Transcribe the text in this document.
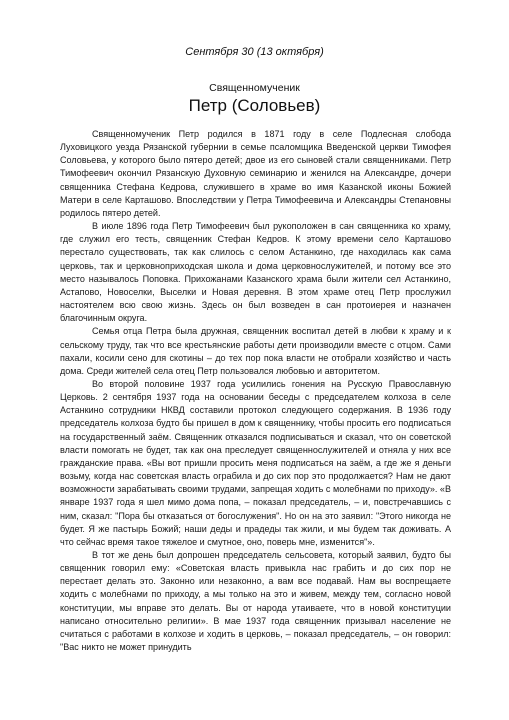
Сентября 30 (13 октября)
Священномученик
Петр (Соловьев)

Священномученик Петр родился в 1871 году в селе Подлесная слобода Луховицкого уезда Рязанской губернии в семье псаломщика Введенской церкви Тимофея Соловьева, у которого было пятеро детей; двое из его сыновей стали священниками. Петр Тимофеевич окончил Рязанскую Духовную семинарию и женился на Александре, дочери священника Стефана Кедрова, служившего в храме во имя Казанской иконы Божией Матери в селе Карташово. Впоследствии у Петра Тимофеевича и Александры Степановны родилось пятеро детей.

В июле 1896 года Петр Тимофеевич был рукоположен в сан священника ко храму, где служил его тесть, священник Стефан Кедров. К этому времени село Карташово перестало существовать, так как слилось с селом Астанкино, где находилась как сама церковь, так и церковноприходская школа и дома церковнослужителей, и потому все это место называлось Поповка. Прихожанами Казанского храма были жители сел Астанкино, Астапово, Новоселки, Выселки и Новая деревня. В этом храме отец Петр прослужил настоятелем всю свою жизнь. Здесь он был возведен в сан протоиерея и назначен благочинным округа.

Семья отца Петра была дружная, священник воспитал детей в любви к храму и к сельскому труду, так что все крестьянские работы дети производили вместе с отцом. Сами пахали, косили сено для скотины – до тех пор пока власти не отобрали хозяйство и часть дома. Среди жителей села отец Петр пользовался любовью и авторитетом.

Во второй половине 1937 года усилились гонения на Русскую Православную Церковь. 2 сентября 1937 года на основании беседы с председателем колхоза в селе Астанкино сотрудники НКВД составили протокол следующего содержания. В 1936 году председатель колхоза будто бы пришел в дом к священнику, чтобы просить его подписаться на государственный заём. Священник отказался подписываться и сказал, что он советской власти помогать не будет, так как она преследует священнослужителей и отняла у них все гражданские права. «Вы вот пришли просить меня подписаться на заём, а где же я деньги возьму, когда нас советская власть ограбила и до сих пор это продолжается? Нам не дают возможности зарабатывать своими трудами, запрещая ходить с молебнами по приходу». «В январе 1937 года я шел мимо дома попа, – показал председатель, – и, повстречавшись с ним, сказал: "Пора бы отказаться от богослужения". Но он на это заявил: "Этого никогда не будет. Я же пастырь Божий; наши деды и прадеды так жили, и мы будем так доживать. А что сейчас время такое тяжелое и смутное, оно, поверь мне, изменится"».

В тот же день был допрошен председатель сельсовета, который заявил, будто бы священник говорил ему: «Советская власть привыкла нас грабить и до сих пор не перестает делать это. Законно или незаконно, а вам все подавай. Нам вы воспрещаете ходить с молебнами по приходу, а мы только на это и живем, между тем, согласно новой конституции, мы вправе это делать. Вы от народа утаиваете, что в новой конституции написано относительно религии». В мае 1937 года священник призывал население не считаться с работами в колхозе и ходить в церковь, – показал председатель, – он говорил: "Вас никто не может принудить
